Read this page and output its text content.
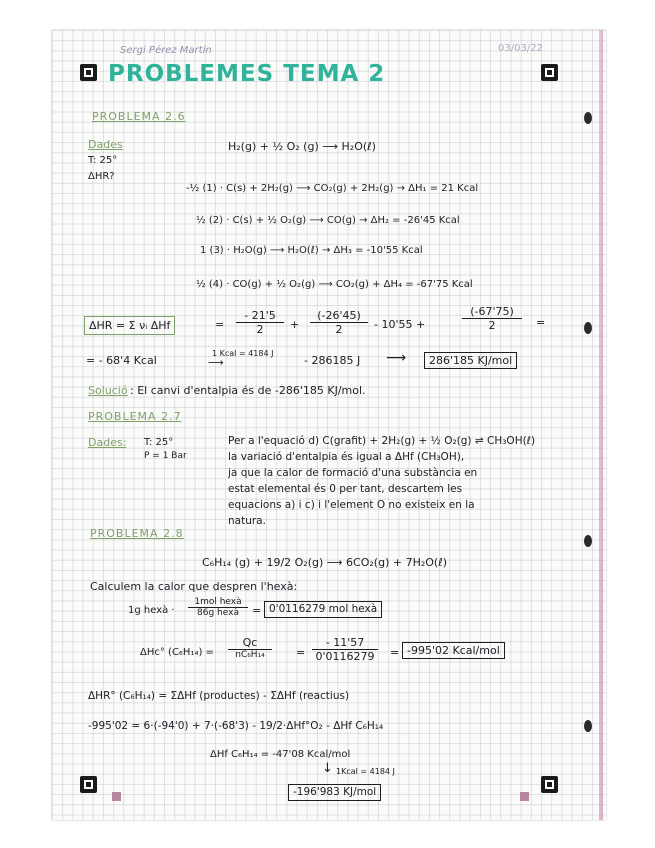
Sergi Pérez Martín	03/03/22
PROBLEMES TEMA 2
PROBLEMA 2.6
Dades
T: 25°
ΔHR?
H₂(g) + ½ O₂ (g) ⟶ H₂O(ℓ)
-½ (1) · C(s) + 2H₂(g) ⟶ CO₂(g) + 2H₂(g) → ΔH₁ = 21 Kcal
½ (2) · C(s) + ½ O₂(g) ⟶ CO(g) → ΔH₂ = -26'45 Kcal
1 (3) · H₂O(g) ⟶ H₂O(ℓ) → ΔH₃ = -10'55 Kcal
½ (4) · CO(g) + ½ O₂(g) ⟶ CO₂(g) + ΔH₄ = -67'75 Kcal
ΔHR = Σ νᵢ ΔHf	= $\frac{- 21'5}{2} + \frac{(-26'45)}{2} - 10'55$ +	$\frac{(-67'75)}{2}$ =
= - 68'4 Kcal
1 Kcal = 4184 J
⟶	- 286185 J ⟶	286'185 KJ/mol
Solució : El canvi d'entalpia és de -286'185 KJ/mol.
PROBLEMA 2.7
Dades: T: 25°
P = 1 Bar
Per a l'equació d) C(grafit) + 2H₂(g) + ½ O₂(g) ⇌ CH₃OH(ℓ)
la variació d'entalpia és igual a ΔHf (CH₃OH),
ja que la calor de formació d'una substància en
estat elemental és 0 per tant, descartem les
equacions a) i c) i l'element O no existeix en la
natura.
PROBLEMA 2.8
C₆H₁₄ (g) + 19/2 O₂(g) ⟶ 6CO₂(g) + 7H₂O(ℓ)
Calculem la calor que despren l'hexà:
1g hexà ·
1mol hexà
86g hexà	= 0'0116279 mol hexà
ΔHc° (C₆H₁₄) =
Qc
nC₆H₁₄	= $\frac{- 11'57}{0'0116279} = -995'02$ Kcal/mol
ΔHR° (C₆H₁₄) = ΣΔHf (productes) - ΣΔHf (reactius)
-995'02 = 6·(-94'0) + 7·(-68'3) - 19/2·ΔHf°O₂ - ΔHf C₆H₁₄
ΔHf C₆H₁₄ = -47'08 Kcal/mol
↓ 1Kcal = 4184 J
-196'983 KJ/mol
